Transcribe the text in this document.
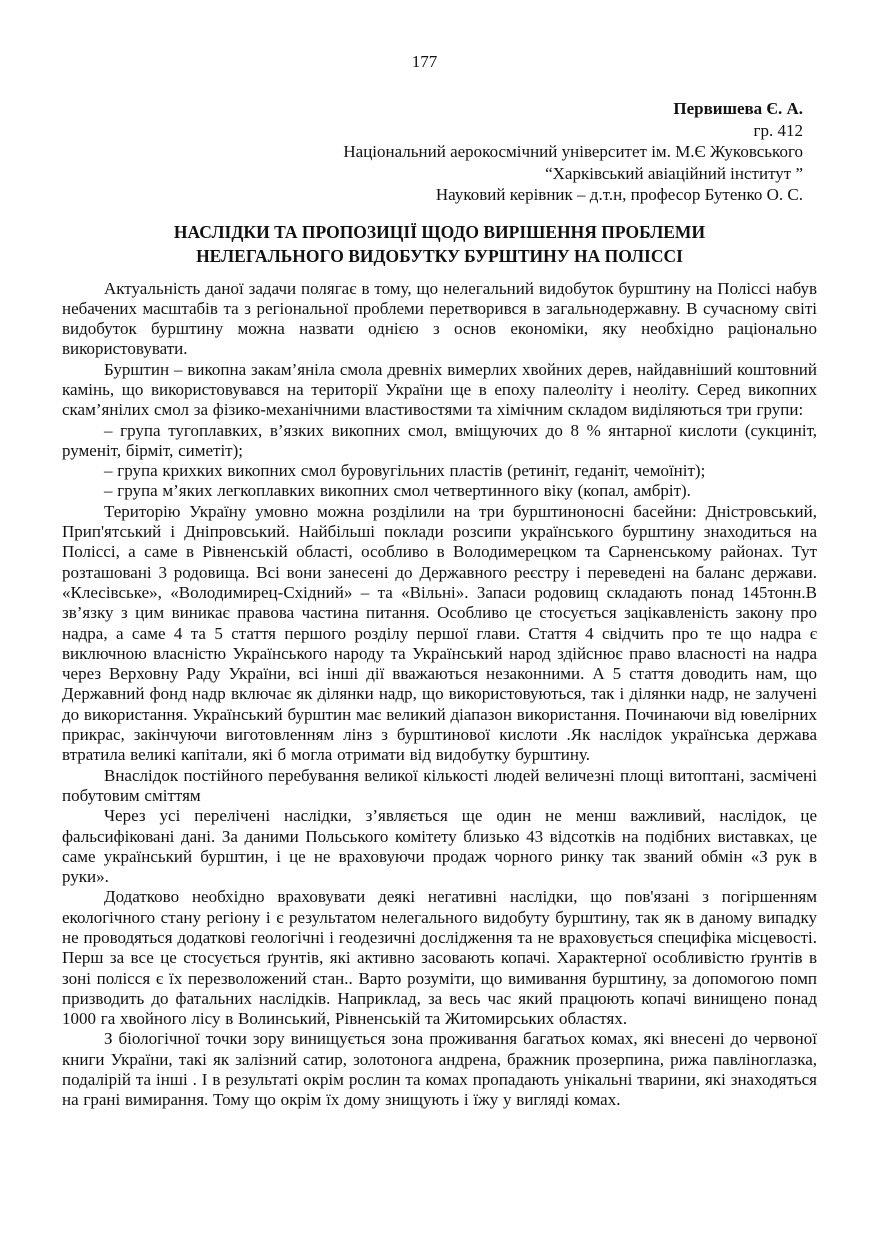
177
Первишева Є. А.
гр. 412
Національний аерокосмічний університет ім. М.Є Жуковського
“Харківський авіаційний інститут ”
Науковий керівник – д.т.н, професор Бутенко О. С.
НАСЛІДКИ ТА ПРОПОЗИЦІЇ ЩОДО ВИРІШЕННЯ ПРОБЛЕМИ
НЕЛЕГАЛЬНОГО ВИДОБУТКУ БУРШТИНУ НА ПОЛІССІ

Актуальність даної задачи полягає в тому, що нелегальний видобуток бурштину на Поліссі набув небачених масштабів та з регіональної проблеми перетворився в загальнодержавну. В сучасному світі видобуток бурштину можна назвати однією з основ економіки, яку необхідно раціонально використовувати.

Бурштин – викопна закам’яніла смола древніх вимерлих хвойних дерев, найдавніший коштовний камінь, що використовувався на території України ще в епоху палеоліту і неоліту. Серед викопних скам’янілих смол за фізико-механічними властивостями та хімічним складом виділяються три групи:

– група тугоплавких, в’язких викопних смол, вміщуючих до 8 % янтарної кислоти (сукциніт, руменіт, бірміт, симетіт);

– група крихких викопних смол буровугільних пластів (ретиніт, геданіт, чемоїніт);

– група м’яких легкоплавких викопних смол четвертинного віку (копал, амбріт).

Територію Україну умовно можна розділили на три бурштиноносні басейни: Дністровський, Прип'ятський і Дніпровський. Найбільші поклади розсипи українського бурштину знаходиться на Поліссі, а саме в Рівненській області, особливо в Володимерецком та Сарненському районах. Тут розташовані 3 родовища. Всі вони занесені до Державного реєстру і переведені на баланс держави. «Клесівське», «Володимирец-Східний» – та «Вільні». Запаси родовищ складають понад 145тонн.В зв’язку з цим виникає правова частина питання. Особливо це стосується зацікавленість закону про надра, а саме 4 та 5 стаття першого розділу першої глави. Стаття 4 свідчить про те що надра є виключною власністю Українського народу та Український народ здійснює право власності на надра через Верховну Раду України, всі інші дії вважаються незаконними. А 5 стаття доводить нам, що Державний фонд надр включає як ділянки надр, що використовуються, так і ділянки надр, не залучені до використання. Український бурштин має великий діапазон використання. Починаючи від ювелірних прикрас, закінчуючи виготовленням лінз з бурштинової кислоти .Як наслідок українська держава втратила великі капітали, які б могла отримати від видобутку бурштину.

Внаслідок постійного перебування великої кількості людей величезні площі витоптані, засмічені побутовим сміттям

Через усі перелічені наслідки, з’являється ще один не менш важливий, наслідок, це фальсифіковані дані. За даними Польського комітету близько 43 відсотків на подібних виставках, це саме український бурштин, і це не враховуючи продаж чорного ринку так званий обмін «З рук в руки».

Додатково необхідно враховувати деякі негативні наслідки, що пов'язані з погіршенням екологічного стану регіону і є результатом нелегального видобуту бурштину, так як в даному випадку не проводяться додаткові геологічні і геодезичні дослідження та не враховується специфіка місцевості. Перш за все це стосується ґрунтів, які активно засовають копачі. Характерної особливістю ґрунтів в зоні полісся є їх перезволожений стан.. Варто розуміти, що вимивання бурштину, за допомогою помп призводить до фатальних наслідків. Наприклад, за весь час який працюють копачі винищено понад 1000 га хвойного лісу в Волинський, Рівненській та Житомирських областях.

З біологічної точки зору винищується зона проживання багатьох комах, які внесені до червоної книги України, такі як залізний сатир, золотонога андрена, бражник прозерпина, рижа павліноглазка, подалірій та інші . І в результаті окрім рослин та комах пропадають унікальні тварини, які знаходяться на грані вимирання. Тому що окрім їх дому знищують і їжу у вигляді комах.
